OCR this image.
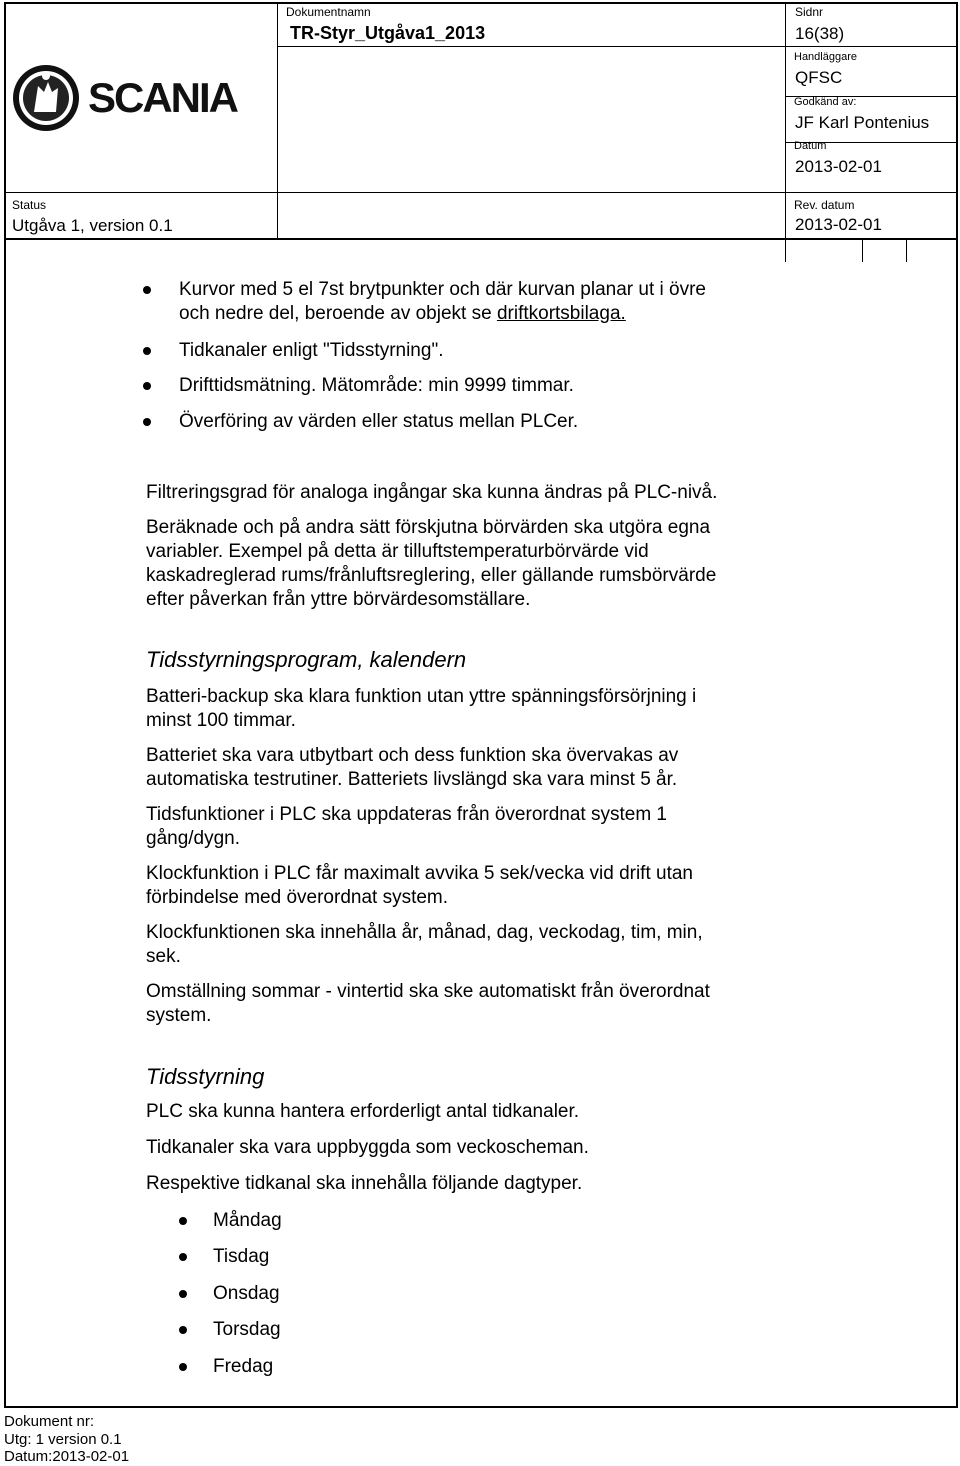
Dokumentnamn
TR-Styr_Utgåva1_2013
Sidnr
16(38)
Handläggare
QFSC
Godkänd av:
JF Karl Pontenius
Datum
2013-02-01
Status
Utgåva 1, version 0.1
Rev. datum
2013-02-01
SCANIA
Kurvor med 5 el 7st brytpunkter och där kurvan planar ut i övre
och nedre del, beroende av objekt se driftkortsbilaga.
Tidkanaler enligt "Tidsstyrning".
Drifttidsmätning. Mätområde: min 9999 timmar.
Överföring av värden eller status mellan PLCer.
Filtreringsgrad för analoga ingångar ska kunna ändras på PLC-nivå.
Beräknade och på andra sätt förskjutna börvärden ska utgöra egna
variabler. Exempel på detta är tilluftstemperaturbörvärde vid
kaskadreglerad rums/frånluftsreglering, eller gällande rumsbörvärde
efter påverkan från yttre börvärdesomställare.
Tidsstyrningsprogram, kalendern
Batteri-backup ska klara funktion utan yttre spänningsförsörjning i
minst 100 timmar.
Batteriet ska vara utbytbart och dess funktion ska övervakas av
automatiska testrutiner. Batteriets livslängd ska vara minst 5 år.
Tidsfunktioner i PLC ska uppdateras från överordnat system 1
gång/dygn.
Klockfunktion i PLC får maximalt avvika 5 sek/vecka vid drift utan
förbindelse med överordnat system.
Klockfunktionen ska innehålla år, månad, dag, veckodag, tim, min,
sek.
Omställning sommar - vintertid ska ske automatiskt från överordnat
system.
Tidsstyrning
PLC ska kunna hantera erforderligt antal tidkanaler.
Tidkanaler ska vara uppbyggda som veckoscheman.
Respektive tidkanal ska innehålla följande dagtyper.
Måndag
Tisdag
Onsdag
Torsdag
Fredag
Dokument nr:
Utg: 1 version 0.1
Datum:2013-02-01
